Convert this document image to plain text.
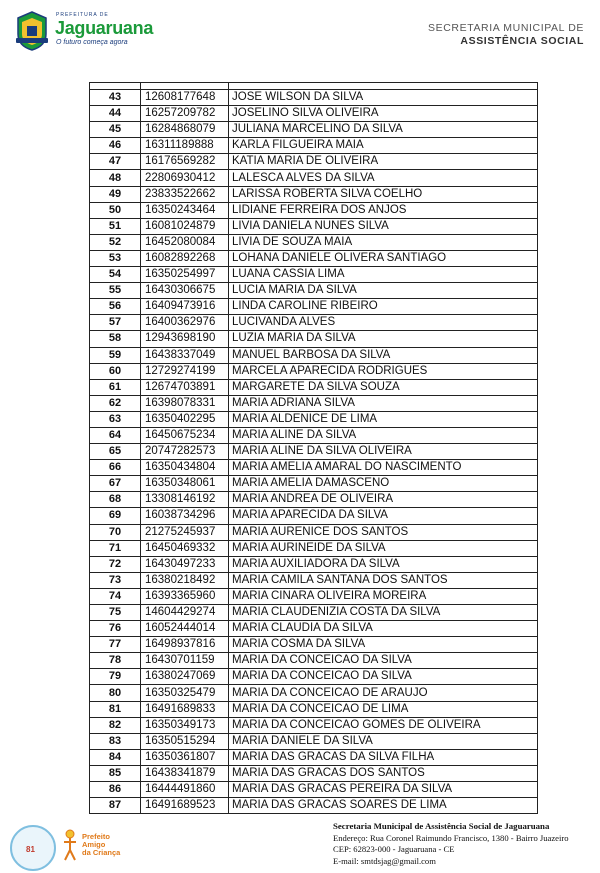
PREFEITURA DE
Jaguaruana
O futuro começa agora
SECRETARIA MUNICIPAL DE
ASSISTÊNCIA SOCIAL

43	12608177648	JOSE WILSON DA SILVA
44	16257209782	JOSELINO SILVA OLIVEIRA
45	16284868079	JULIANA MARCELINO DA SILVA
46	16311189888	KARLA FILGUEIRA MAIA
47	16176569282	KATIA MARIA DE OLIVEIRA
48	22806930412	LALESCA ALVES DA SILVA
49	23833522662	LARISSA ROBERTA SILVA COELHO
50	16350243464	LIDIANE FERREIRA DOS ANJOS
51	16081024879	LIVIA DANIELA NUNES SILVA
52	16452080084	LIVIA DE SOUZA MAIA
53	16082892268	LOHANA DANIELE OLIVERA SANTIAGO
54	16350254997	LUANA CASSIA LIMA
55	16430306675	LUCIA MARIA DA SILVA
56	16409473916	LINDA CAROLINE RIBEIRO
57	16400362976	LUCIVANDA ALVES
58	12943698190	LUZIA MARIA DA SILVA
59	16438337049	MANUEL BARBOSA DA SILVA
60	12729274199	MARCELA APARECIDA RODRIGUES
61	12674703891	MARGARETE DA SILVA SOUZA
62	16398078331	MARIA ADRIANA SILVA
63	16350402295	MARIA ALDENICE DE LIMA
64	16450675234	MARIA ALINE DA SILVA
65	20747282573	MARIA ALINE DA SILVA OLIVEIRA
66	16350434804	MARIA AMELIA AMARAL DO NASCIMENTO
67	16350348061	MARIA AMELIA DAMASCENO
68	13308146192	MARIA ANDREA DE OLIVEIRA
69	16038734296	MARIA APARECIDA DA SILVA
70	21275245937	MARIA AURENICE DOS SANTOS
71	16450469332	MARIA AURINEIDE DA SILVA
72	16430497233	MARIA AUXILIADORA DA SILVA
73	16380218492	MARIA CAMILA SANTANA DOS SANTOS
74	16393365960	MARIA CINARA OLIVEIRA MOREIRA
75	14604429274	MARIA CLAUDENIZIA COSTA DA SILVA
76	16052444014	MARIA CLAUDIA DA SILVA
77	16498937816	MARIA COSMA DA SILVA
78	16430701159	MARIA DA CONCEICAO DA SILVA
79	16380247069	MARIA DA CONCEICAO DA SILVA
80	16350325479	MARIA DA CONCEICAO DE ARAUJO
81	16491689833	MARIA DA CONCEICAO DE LIMA
82	16350349173	MARIA DA CONCEICAO GOMES DE OLIVEIRA
83	16350515294	MARIA DANIELE DA SILVA
84	16350361807	MARIA DAS GRACAS DA SILVA FILHA
85	16438341879	MARIA DAS GRACAS DOS SANTOS
86	16444491860	MARIA DAS GRACAS PEREIRA DA SILVA
87	16491689523	MARIA DAS GRACAS SOARES DE LIMA
81
Prefeito
Amigo
da Criança
Secretaria Municipal de Assistência Social de Jaguaruana
Endereço: Rua Coronel Raimundo Francisco, 1380 - Bairro Juazeiro
CEP: 62823-000 - Jaguaruana - CE
E-mail: smtdsjag@gmail.com
